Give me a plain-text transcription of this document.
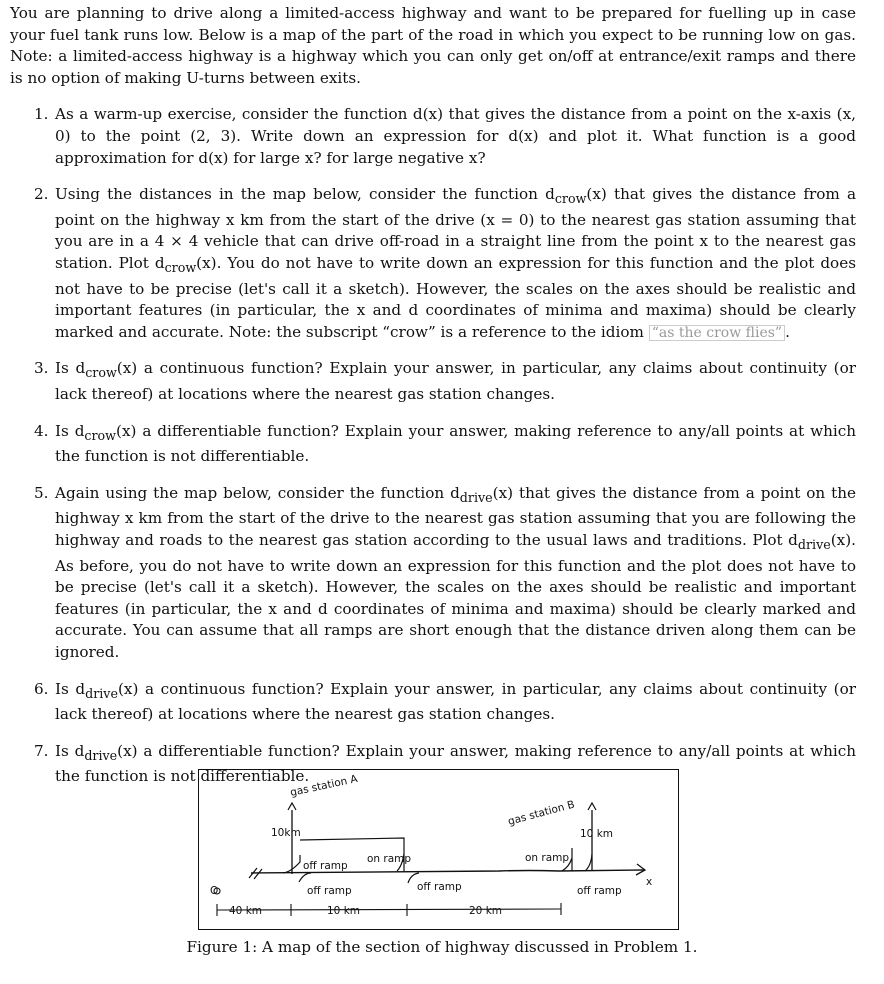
You are planning to drive along a limited-access highway and want to be prepared for fuelling up in case your fuel tank runs low. Below is a map of the part of the road in which you expect to be running low on gas. Note: a limited-access highway is a highway which you can only get on/off at entrance/exit ramps and there is no option of making U-turns between exits.

1. As a warm-up exercise, consider the function d(x) that gives the distance from a point on the x-axis (x, 0) to the point (2, 3). Write down an expression for d(x) and plot it. What function is a good approximation for d(x) for large x? for large negative x?
2. Using the distances in the map below, consider the function $d_{crow}(x)$ that gives the distance from a point on the highway x km from the start of the drive (x = 0) to the nearest gas station assuming that you are in a 4 × 4 vehicle that can drive off-road in a straight line from the point x to the nearest gas station. Plot $d_{crow}(x)$. You do not have to write down an expression for this function and the plot does not have to be precise (let's call it a sketch). However, the scales on the axes should be realistic and important features (in particular, the x and d coordinates of minima and maxima) should be clearly marked and accurate. Note: the subscript “crow” is a reference to the idiom “as the crow flies” .
3. Is $d_{crow}(x)$ a continuous function? Explain your answer, in particular, any claims about continuity (or lack thereof) at locations where the nearest gas station changes.
4. Is $d_{crow}(x)$ a differentiable function? Explain your answer, making reference to any/all points at which the function is not differentiable.
5. Again using the map below, consider the function $d_{drive}(x)$ that gives the distance from a point on the highway x km from the start of the drive to the nearest gas station assuming that you are following the highway and roads to the nearest gas station according to the usual laws and traditions. Plot $d_{drive}(x)$. As before, you do not have to write down an expression for this function and the plot does not have to be precise (let's call it a sketch). However, the scales on the axes should be realistic and important features (in particular, the x and d coordinates of minima and maxima) should be clearly marked and accurate. You can assume that all ramps are short enough that the distance driven along them can be ignored.
6. Is $d_{drive}(x)$ a continuous function? Explain your answer, in particular, any claims about continuity (or lack thereof) at locations where the nearest gas station changes.
7. Is $d_{drive}(x)$ a differentiable function? Explain your answer, making reference to any/all points at which the function is not differentiable.
gas station A
gas station B
10km	10 km
off ramp
on ramp
off ramp	off ramp
on ramp
off ramp
O
x
40 km	10 km	20 km
Figure 1: A map of the section of highway discussed in Problem 1.
